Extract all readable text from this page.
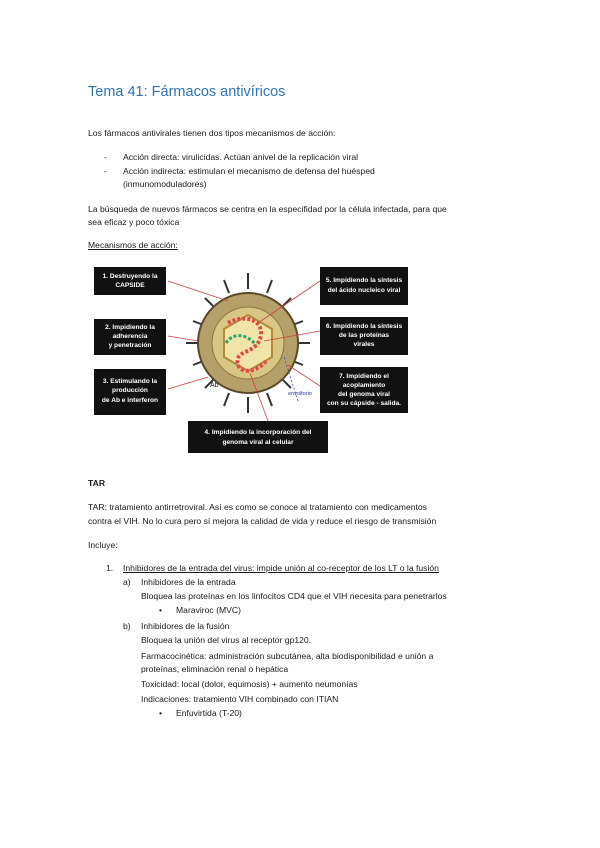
Tema 41: Fármacos antivíricos
Los fármacos antivirales tienen dos tipos mecanismos de acción:
- Acción directa: virulicidas. Actúan anivel de la replicación viral
- Acción indirecta: estimulan el mecanismo de defensa del huésped
(inmunomoduladores)
La búsqueda de nuevos fármacos se centra en la especifidad por la célula infectada, para que
sea eficaz y poco tóxica
Mecanismos de acción:
1. Destruyendo la
CAPSIDE
2. Impidiendo la
adherencia
y penetración
3. Estimulando la
producción
de Ab e interferon
4. Impidiendo la incorporación del
genoma viral al celular
5. Impidiendo la síntesis
del ácido nucleico viral
6. Impidiendo la síntesis
de las proteínas
virales
7. Impidiendo el
acoplamiento
del genoma viral
con su cápside - salida.
Ab
envoltorio
TAR
TAR: tratamiento antirretroviral. Así es como se conoce al tratamiento con medicamentos
contra el VIH. No lo cura pero sí mejora la calidad de vida y reduce el riesgo de transmisión
Incluye:
1. Inhibidores de la entrada del virus: impide unión al co-receptor de los LT o la fusión
a) Inhibidores de la entrada
Bloquea las proteínas en los linfocitos CD4 que el VIH necesita para penetrarlos
• Maraviroc (MVC)
b) Inhibidores de la fusión
Bloquea la unión del virus al receptor gp120.
Farmacocinética: administración subcutánea, alta biodisponibilidad e unión a
proteínas, eliminación renal o hepática
Toxicidad: local (dolor, equimosis) + aumento neumonías
Indicaciones: tratamiento VIH combinado con ITIAN
• Enfuvirtida (T-20)
